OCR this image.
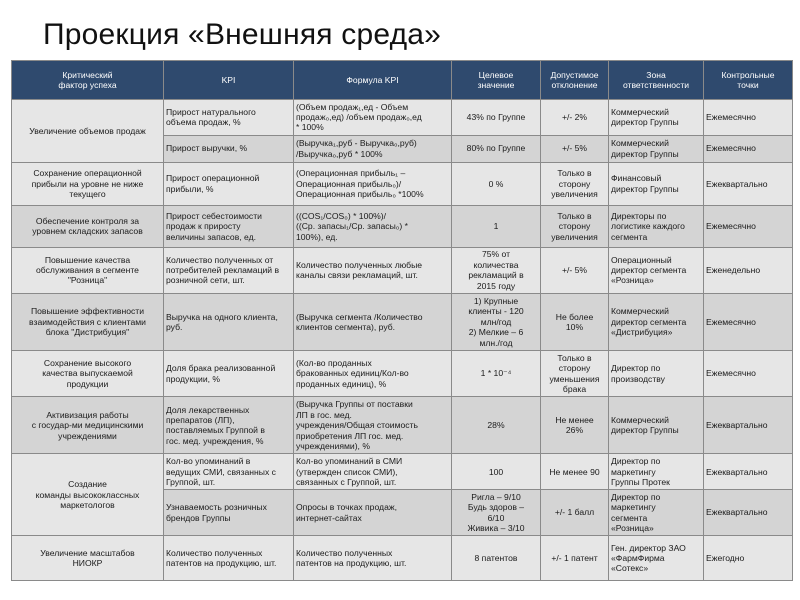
Проекция «Внешняя среда»
Критический
фактор успеха	KPI	Формула KPI	Целевое
значение	Допустимое
отклонение	Зона
ответственности	Контрольные
точки

Увеличение объемов продаж	Прирост натурального
объема продаж, %	(Объем продаж₁,ед - Объем
продаж₀,ед) /объем продаж₀,ед
* 100%	43% по Группе	+/- 2%	Коммерческий
директор Группы	Ежемесячно

	Прирост выручки, %	(Выручка₁,руб - Выручка₀,руб)
/Выручка₀,руб * 100%	80% по Группе	+/- 5%	Коммерческий
директор Группы	Ежемесячно

Сохранение операционной
прибыли на уровне не ниже
текущего	Прирост операционной
прибыли, %	(Операционная прибыль₁ –
Операционная прибыль₀)/
Операционная прибыль₀ *100%	0 %	Только в
сторону
увеличения	Финансовый
директор Группы	Ежеквартально

Обеспечение контроля за
уровнем складских запасов	Прирост себестоимости
продаж к приросту
величины запасов, ед.	((COS₁/COS₀) * 100%)/
((Ср. запасы₁/Ср. запасы₀) *
100%), ед.	1	Только в
сторону
увеличения	Директоры по
логистике каждого
сегмента	Ежемесячно

Повышение качества
обслуживания в сегменте
"Розница"	Количество полученных от
потребителей рекламаций в
розничной сети, шт.	Количество полученных любые
каналы связи рекламаций, шт.	75% от
количества
рекламаций в
2015 году	+/- 5%	Операционный
директор сегмента
«Розница»	Еженедельно

Повышение эффективности
взаимодействия с клиентами
блока "Дистрибуция"	Выручка на одного клиента,
руб.	(Выручка сегмента /Количество
клиентов сегмента), руб.	1) Крупные
клиенты - 120
млн/год
2) Мелкие – 6
млн./год	Не более
10%	Коммерческий
директор сегмента
«Дистрибуция»	Ежемесячно

Сохранение высокого
качества выпускаемой
продукции	Доля брака реализованной
продукции, %	(Кол-во проданных
бракованных единиц/Кол-во
проданных единиц), %	1 * 10⁻⁴	Только в
сторону
уменьшения
брака	Директор по
производству	Ежемесячно

Активизация работы
с государ-ми медицинскими
учреждениями	Доля лекарственных
препаратов (ЛП),
поставляемых Группой в
гос. мед. учреждения, %	(Выручка Группы от поставки
ЛП в гос. мед.
учреждения/Общая стоимость
приобретения ЛП гос. мед.
учреждениями), %	28%	Не менее
26%	Коммерческий
директор Группы	Ежеквартально

Создание
команды высококлассных
маркетологов	Кол-во упоминаний в
ведущих СМИ, связанных с
Группой, шт.	Кол-во упоминаний в СМИ
(утвержден список СМИ),
связанных с Группой, шт.	100	Не менее 90	Директор по
маркетингу
Группы Протек	Ежеквартально

	Узнаваемость розничных
брендов Группы	Опросы в точках продаж,
интернет-сайтах	Ригла – 9/10
Будь здоров –
6/10
Живика – 3/10	+/- 1 балл	Директор по
маркетингу
сегмента
«Розница»	Ежеквартально

Увеличение масштабов
НИОКР	Количество полученных
патентов на продукцию, шт.	Количество полученных
патентов на продукцию, шт.	8 патентов	+/- 1 патент	Ген. директор ЗАО
«ФармФирма
«Сотекс»	Ежегодно
